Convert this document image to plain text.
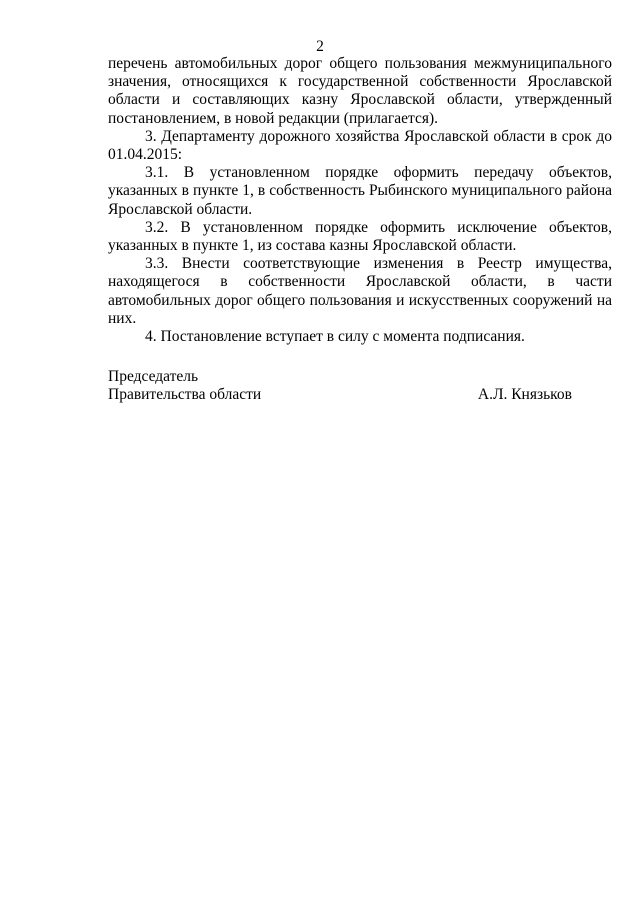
2

перечень автомобильных дорог общего пользования межмуниципального значения, относящихся к государственной собственности Ярославской области и составляющих казну Ярославской области, утвержденный постановлением, в новой редакции (прилагается).

3. Департаменту дорожного хозяйства Ярославской области в срок до 01.04.2015:

3.1. В установленном порядке оформить передачу объектов, указанных в пункте 1, в собственность Рыбинского муниципального района Ярославской области.

3.2. В установленном порядке оформить исключение объектов, указанных в пункте 1, из состава казны Ярославской области.

3.3. Внести соответствующие изменения в Реестр имущества, находящегося в собственности Ярославской области, в части автомобильных дорог общего пользования и искусственных сооружений на них.

4. Постановление вступает в силу с момента подписания.

Председатель
Правительства области	А.Л. Князьков
